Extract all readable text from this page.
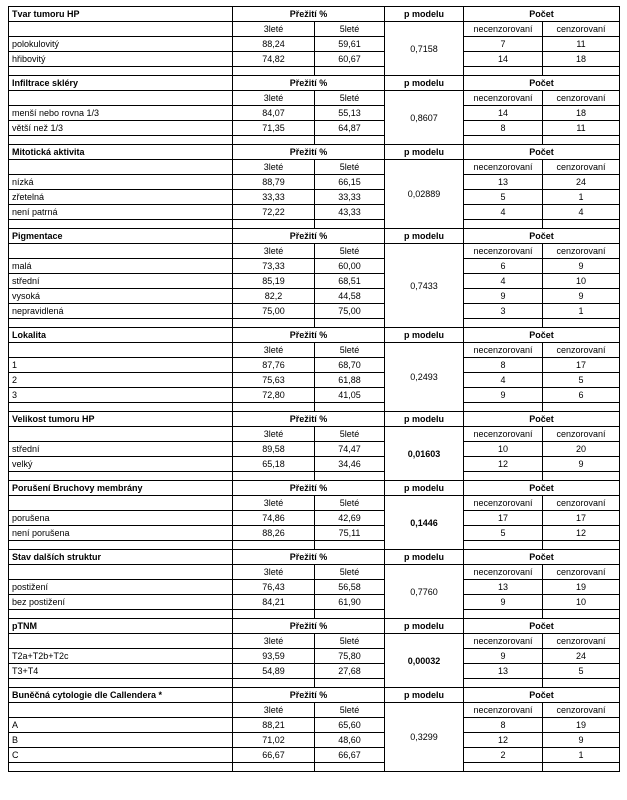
Tvar tumoru HP	Přežití %		p modelu	Počet	
	3leté	5leté	0,7158	necenzorovaní	cenzorovaní
polokulovitý	88,24	59,61		7	11
hřibovitý	74,82	60,67		14	18

Infiltrace skléry	Přežití %		p modelu	Počet	
	3leté	5leté	0,8607	necenzorovaní	cenzorovaní
menší nebo rovna 1/3	84,07	55,13		14	18
větší než 1/3	71,35	64,87		8	11

Mitotická aktivita	Přežití %		p modelu	Počet	
	3leté	5leté	0,02889	necenzorovaní	cenzorovaní
nízká	88,79	66,15		13	24
zřetelná	33,33	33,33		5	1
není patrná	72,22	43,33		4	4

Pigmentace	Přežití %		p modelu	Počet	
	3leté	5leté	0,7433	necenzorovaní	cenzorovaní
malá	73,33	60,00		6	9
střední	85,19	68,51		4	10
vysoká	82,2	44,58		9	9
nepravidlená	75,00	75,00		3	1

Lokalita	Přežití %		p modelu	Počet	
	3leté	5leté	0,2493	necenzorovaní	cenzorovaní
1	87,76	68,70		8	17
2	75,63	61,88		4	5
3	72,80	41,05		9	6

Velikost tumoru HP	Přežití %		p modelu	Počet	
	3leté	5leté	0,01603	necenzorovaní	cenzorovaní
střední	89,58	74,47		10	20
velký	65,18	34,46		12	9

Porušení Bruchovy membrány	Přežití %		p modelu	Počet	
	3leté	5leté	0,1446	necenzorovaní	cenzorovaní
porušena	74,86	42,69		17	17
není porušena	88,26	75,11		5	12

Stav dalších struktur	Přežití %		p modelu	Počet	
	3leté	5leté	0,7760	necenzorovaní	cenzorovaní
postižení	76,43	56,58		13	19
bez postižení	84,21	61,90		9	10

pTNM	Přežití %		p modelu	Počet	
	3leté	5leté	0,00032	necenzorovaní	cenzorovaní
T2a+T2b+T2c	93,59	75,80		9	24
T3+T4	54,89	27,68		13	5

Buněčná cytologie dle Callendera *	Přežití %		p modelu	Počet	
	3leté	5leté	0,3299	necenzorovaní	cenzorovaní
A	88,21	65,60		8	19
B	71,02	48,60		12	9
C	66,67	66,67		2	1
